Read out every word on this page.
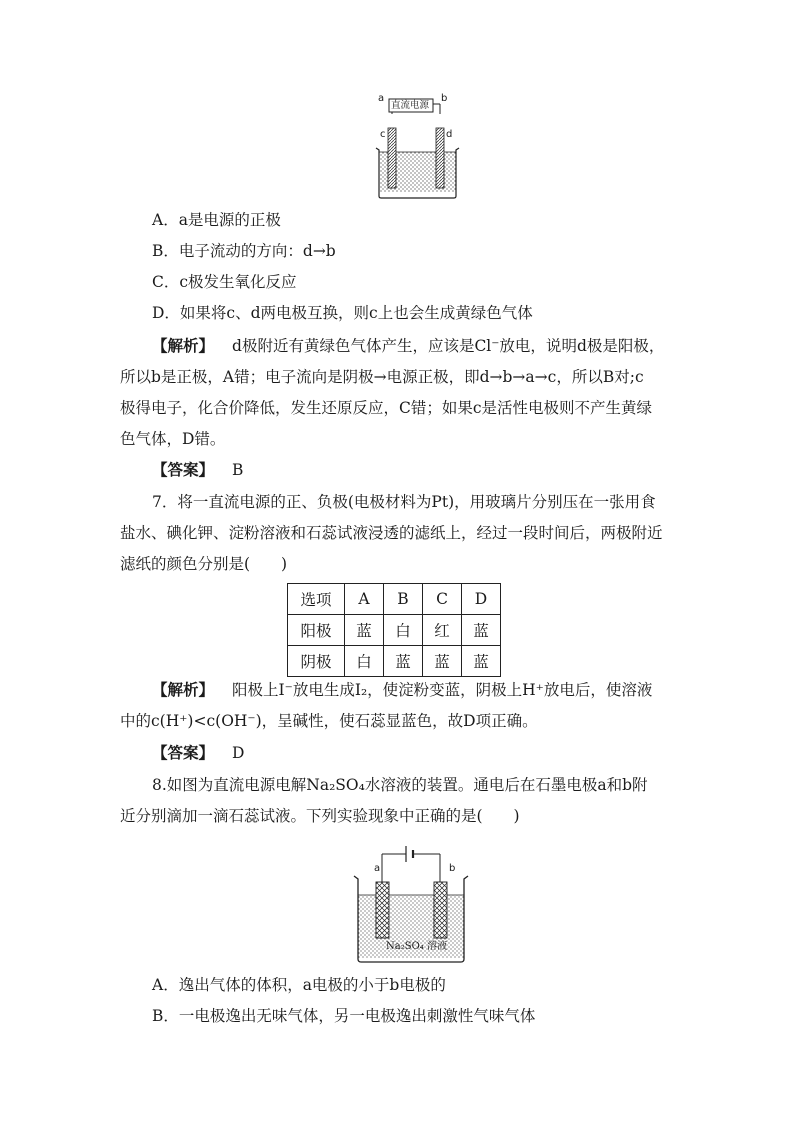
a	b
直流电源
c	d
A．a是电源的正极
B．电子流动的方向：d→b
C．c极发生氧化反应
D．如果将c、d两电极互换，则c上也会生成黄绿色气体
【解析】 d极附近有黄绿色气体产生，应该是Cl⁻放电，说明d极是阳极，
所以b是正极，A错；电子流向是阴极→电源正极，即d→b→a→c，所以B对;c
极得电子，化合价降低，发生还原反应，C错；如果c是活性电极则不产生黄绿
色气体，D错。
【答案】 B
7．将一直流电源的正、负极(电极材料为Pt)，用玻璃片分别压在一张用食
盐水、碘化钾、淀粉溶液和石蕊试液浸透的滤纸上，经过一段时间后，两极附近
滤纸的颜色分别是(　　)
选项	A	B	C	D
阳极	蓝	白	红	蓝
阴极	白	蓝	蓝	蓝
【解析】 阳极上I⁻放电生成I₂，使淀粉变蓝，阴极上H⁺放电后，使溶液
中的c(H⁺)<c(OH⁻)，呈碱性，使石蕊显蓝色，故D项正确。
【答案】 D
8.如图为直流电源电解Na₂SO₄水溶液的装置。通电后在石墨电极a和b附
近分别滴加一滴石蕊试液。下列实验现象中正确的是(　　)
a	b
Na₂SO₄ 溶液
A．逸出气体的体积，a电极的小于b电极的
B．一电极逸出无味气体，另一电极逸出刺激性气味气体
